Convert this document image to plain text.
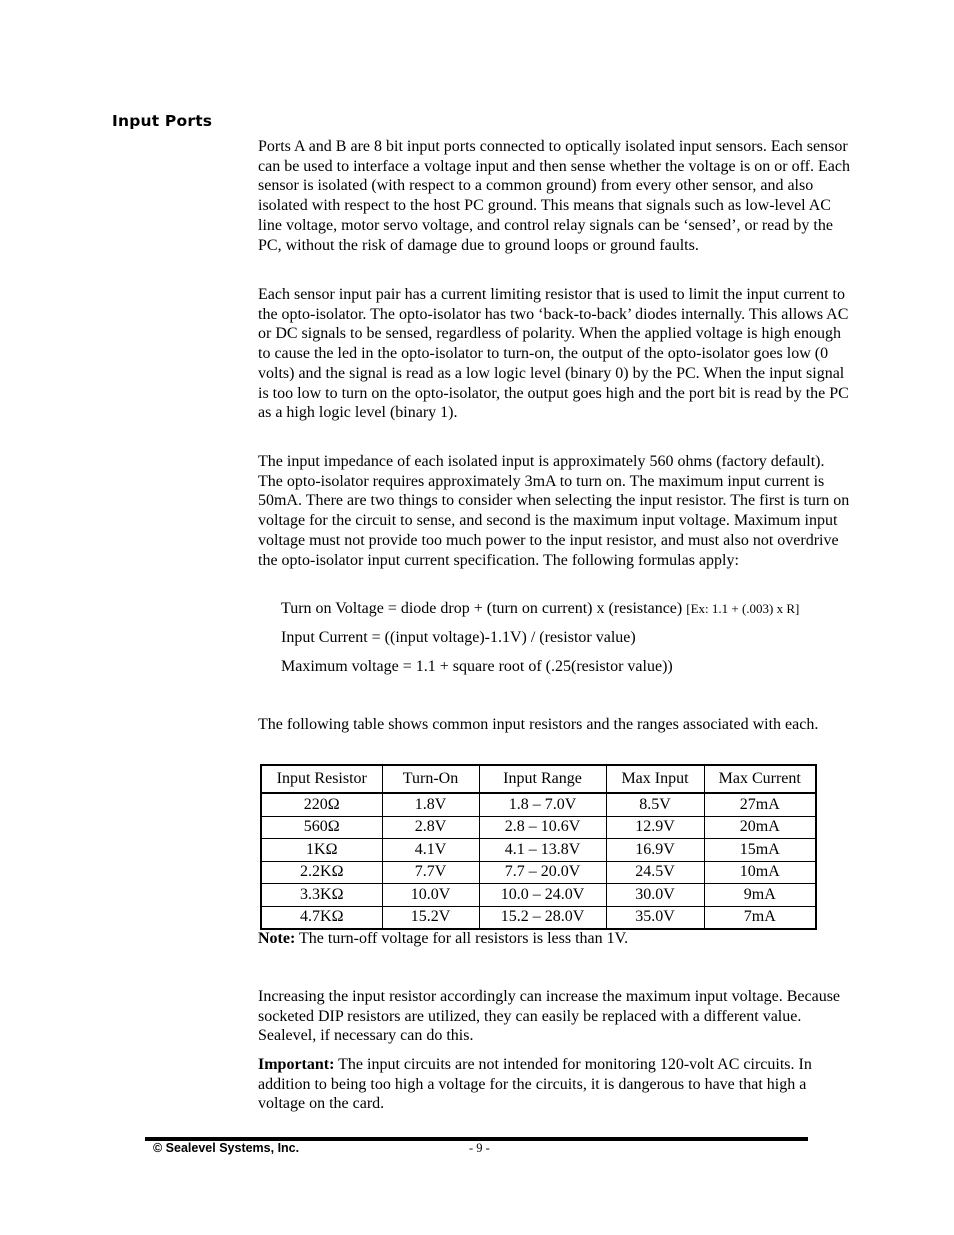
Input Ports

Ports A and B are 8 bit input ports connected to optically isolated input sensors. Each sensor can be used to interface a voltage input and then sense whether the voltage is on or off. Each sensor is isolated (with respect to a common ground) from every other sensor, and also isolated with respect to the host PC ground. This means that signals such as low-level AC line voltage, motor servo voltage, and control relay signals can be ‘sensed’, or read by the PC, without the risk of damage due to ground loops or ground faults.

Each sensor input pair has a current limiting resistor that is used to limit the input current to the opto-isolator. The opto-isolator has two ‘back-to-back’ diodes internally. This allows AC or DC signals to be sensed, regardless of polarity. When the applied voltage is high enough to cause the led in the opto-isolator to turn-on, the output of the opto-isolator goes low (0 volts) and the signal is read as a low logic level (binary 0) by the PC. When the input signal is too low to turn on the opto-isolator, the output goes high and the port bit is read by the PC as a high logic level (binary 1).

The input impedance of each isolated input is approximately 560 ohms (factory default). The opto-isolator requires approximately 3mA to turn on. The maximum input current is 50mA. There are two things to consider when selecting the input resistor. The first is turn on voltage for the circuit to sense, and second is the maximum input voltage. Maximum input voltage must not provide too much power to the input resistor, and must also not overdrive the opto-isolator input current specification. The following formulas apply:

Turn on Voltage = diode drop + (turn on current) x (resistance) [Ex: 1.1 + (.003) x R]
Input Current = ((input voltage)-1.1V) / (resistor value)
Maximum voltage = 1.1 + square root of (.25(resistor value))

The following table shows common input resistors and the ranges associated with each.

Input Resistor	Turn-On	Input Range	Max Input	Max Current
220Ω	1.8V	1.8 – 7.0V	8.5V	27mA
560Ω	2.8V	2.8 – 10.6V	12.9V	20mA
1KΩ	4.1V	4.1 – 13.8V	16.9V	15mA
2.2KΩ	7.7V	7.7 – 20.0V	24.5V	10mA
3.3KΩ	10.0V	10.0 – 24.0V	30.0V	9mA
4.7KΩ	15.2V	15.2 – 28.0V	35.0V	7mA

Note: The turn-off voltage for all resistors is less than 1V.

Increasing the input resistor accordingly can increase the maximum input voltage. Because socketed DIP resistors are utilized, they can easily be replaced with a different value. Sealevel, if necessary can do this.

Important: The input circuits are not intended for monitoring 120-volt AC circuits. In addition to being too high a voltage for the circuits, it is dangerous to have that high a voltage on the card.

© Sealevel Systems, Inc.	- 9 -
